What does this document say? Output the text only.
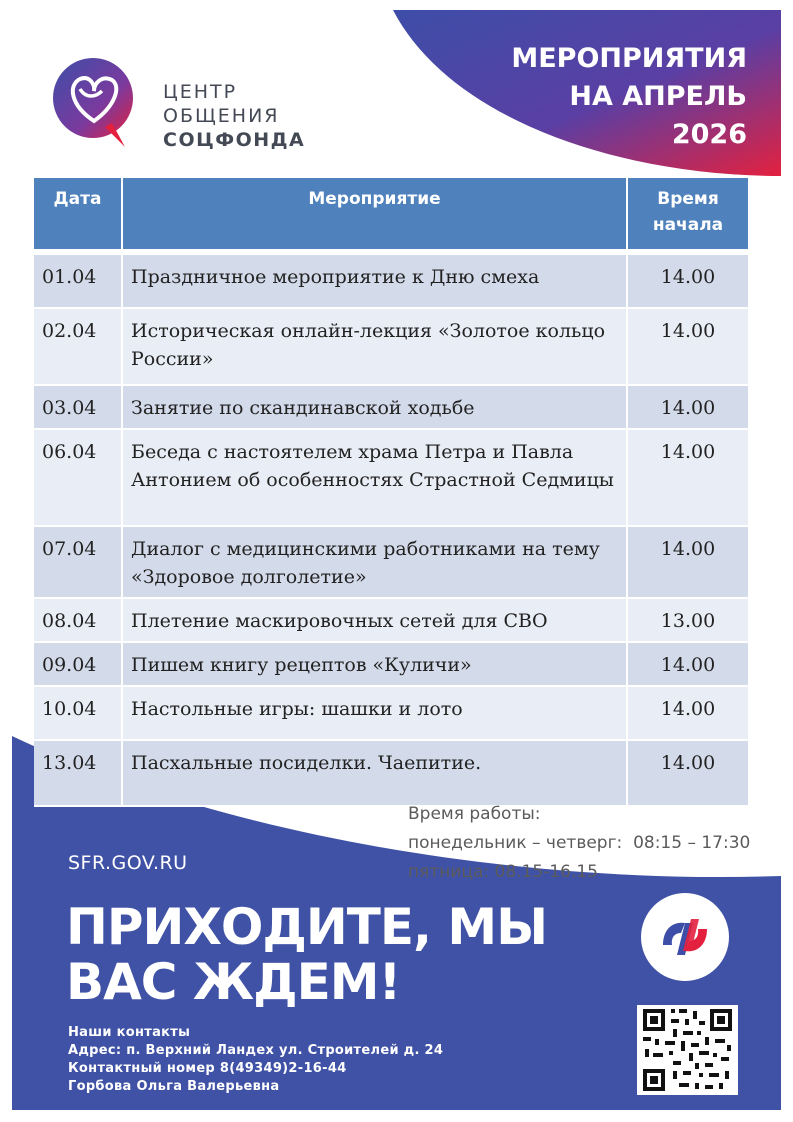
ЦЕНТР
ОБЩЕНИЯ
СОЦФОНДА
МЕРОПРИЯТИЯ
НА АПРЕЛЬ
2026
Дата	Мероприятие	Время
начала

01.04	Праздничное мероприятие к Дню смеха	14.00
02.04	Историческая онлайн-лекция «Золотое кольцо России»	14.00
03.04	Занятие по скандинавской ходьбе	14.00
06.04	Беседа с настоятелем храма Петра и Павла Антонием об особенностях Страстной Седмицы	14.00
07.04	Диалог с медицинскими работниками на тему «Здоровое долголетие»	14.00
08.04	Плетение маскировочных сетей для СВО	13.00
09.04	Пишем книгу рецептов «Куличи»	14.00
10.04	Настольные игры: шашки и лото	14.00
13.04	Пасхальные посиделки. Чаепитие.	14.00
Время работы:
понедельник – четверг:  08:15 – 17:30
пятница: 08.15-16.15
SFR.GOV.RU
ПРИХОДИТЕ, МЫ
ВАС ЖДЕМ!
Наши контакты
Адрес: п. Верхний Ландех ул. Строителей д. 24
Контактный номер 8(49349)2-16-44
Горбова Ольга Валерьевна
